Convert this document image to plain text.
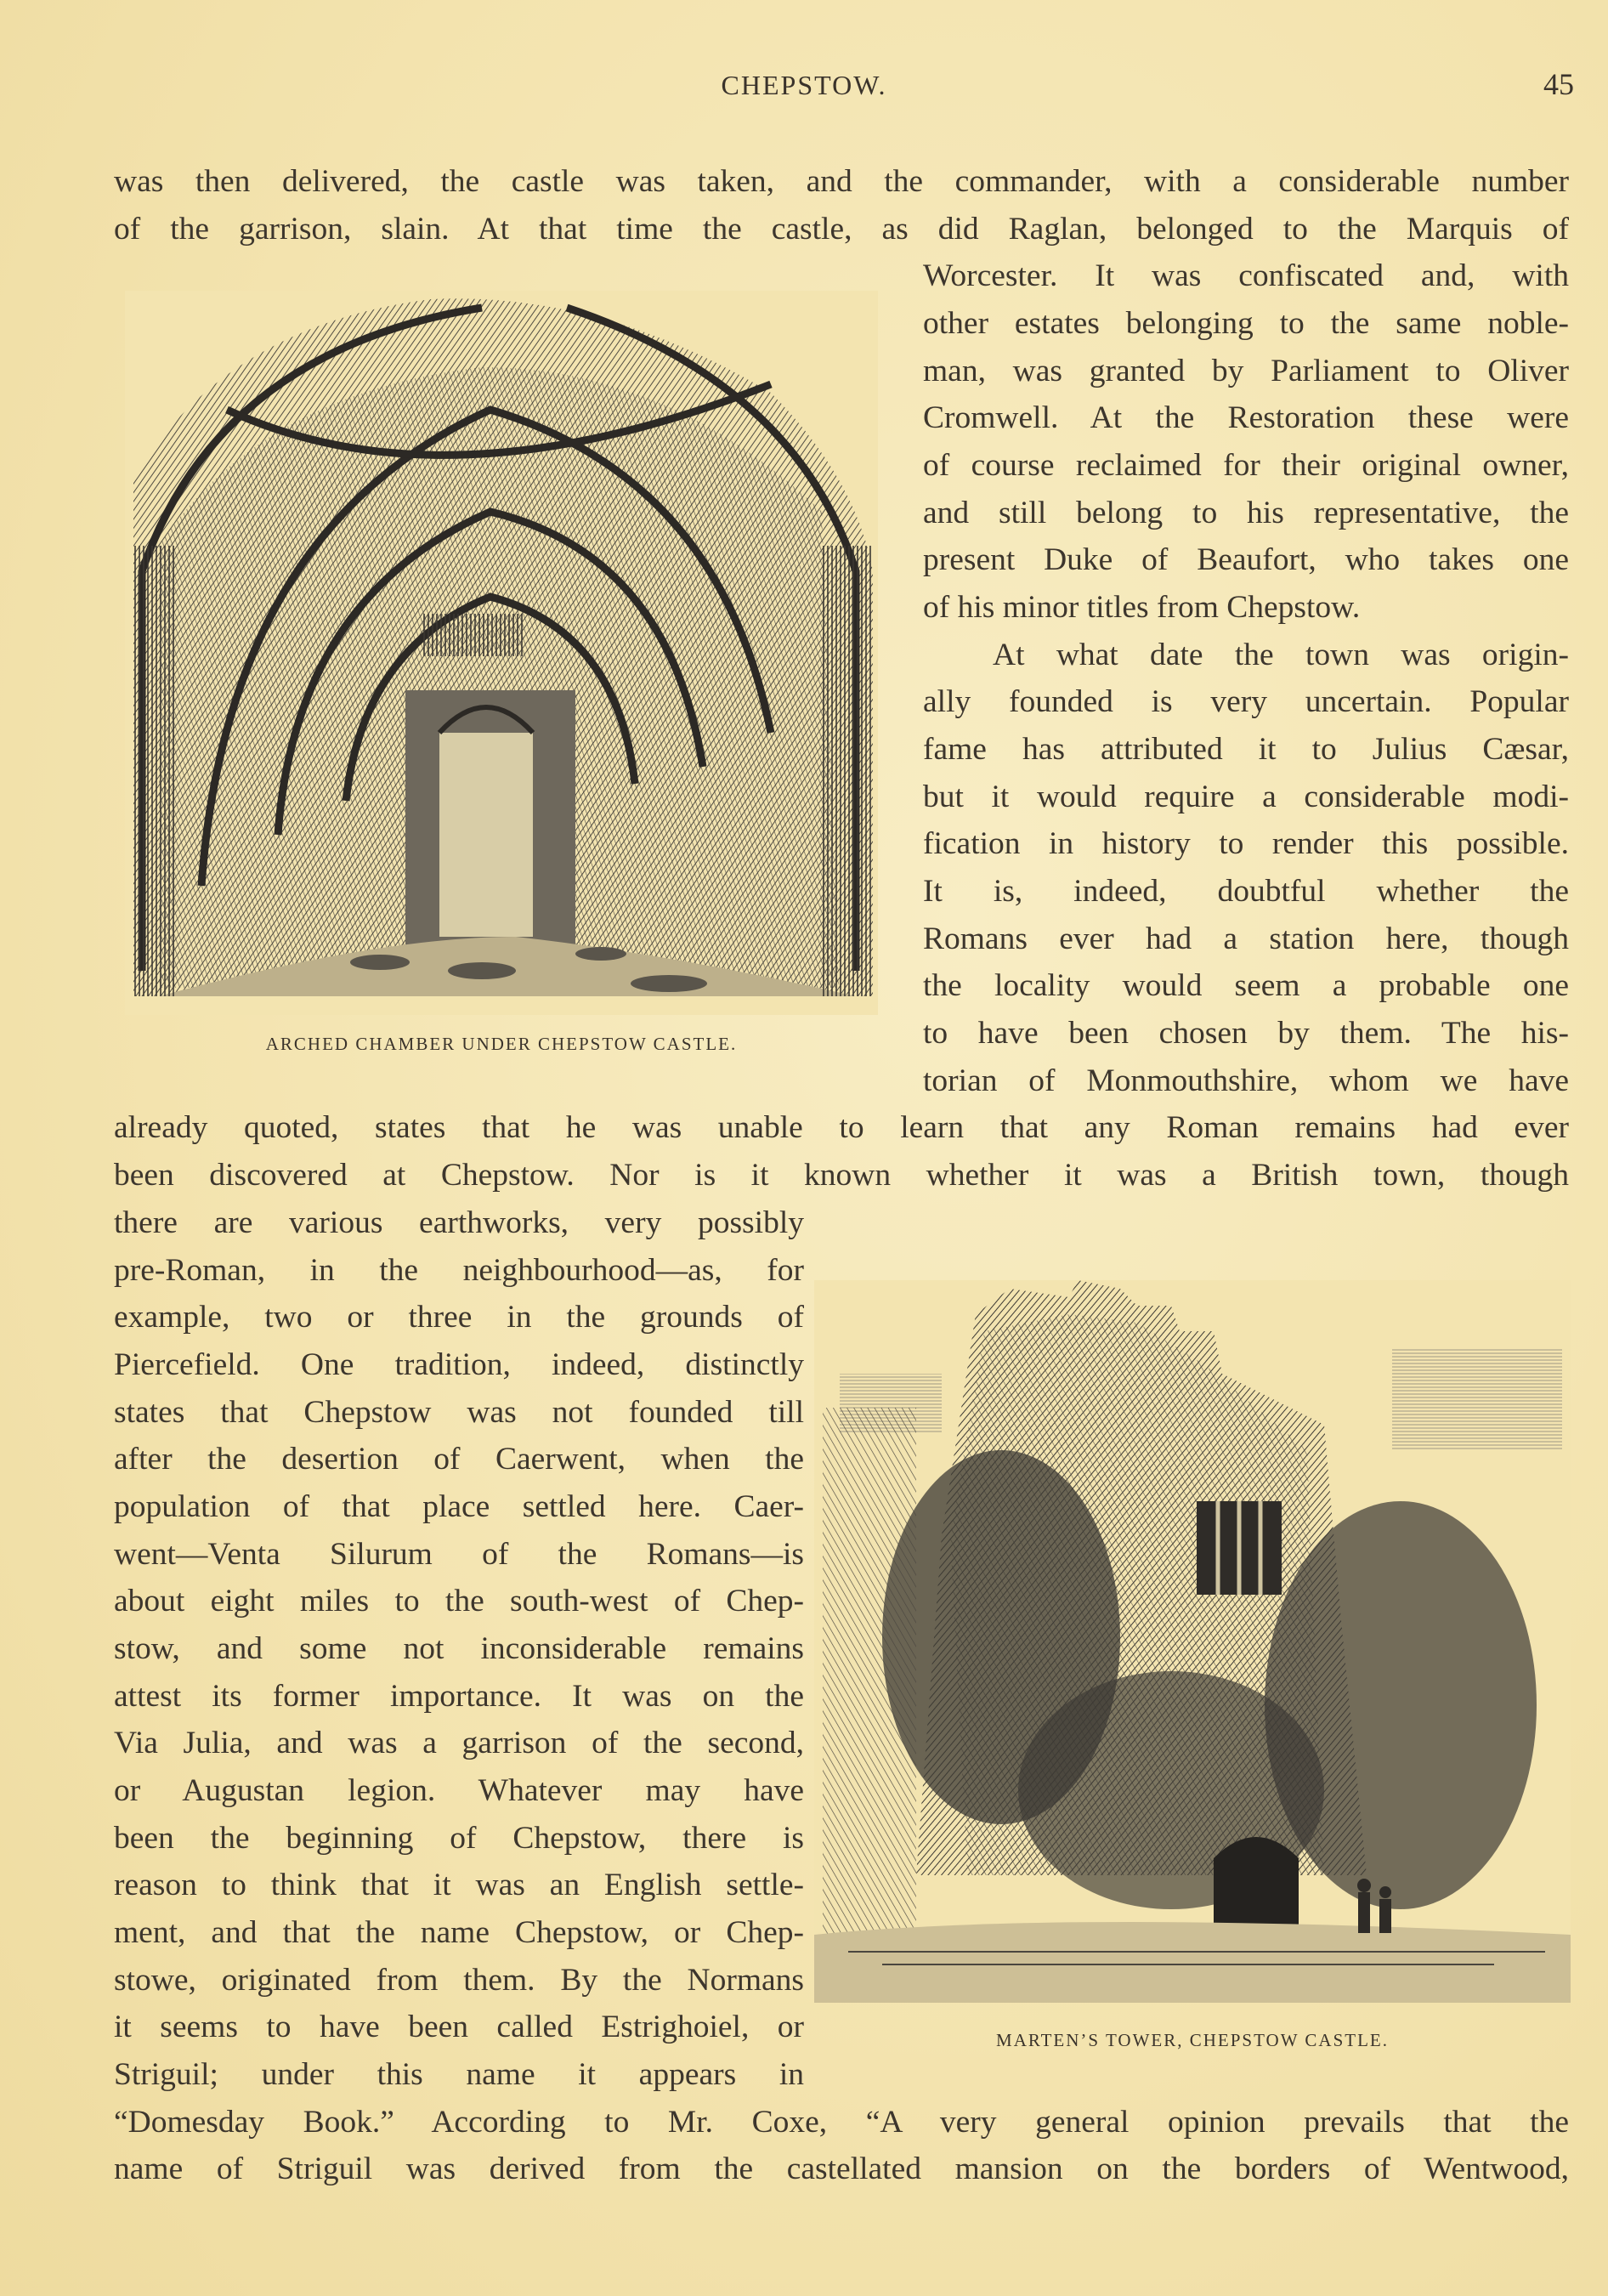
CHEPSTOW.	45
was then delivered, the castle was taken, and the commander, with a considerable number
of the garrison, slain. At that time the castle, as did Raglan, belonged to the Marquis of
Worcester. It was confiscated and, with
other estates belonging to the same noble-
man, was granted by Parliament to Oliver
Cromwell. At the Restoration these were
of course reclaimed for their original owner,
and still belong to his representative, the
present Duke of Beaufort, who takes one
of his minor titles from Chepstow.
At what date the town was origin-
ally founded is very uncertain. Popular
fame has attributed it to Julius Cæsar,
but it would require a considerable modi-
fication in history to render this possible.
It is, indeed, doubtful whether the
Romans ever had a station here, though
the locality would seem a probable one
to have been chosen by them. The his-
torian of Monmouthshire, whom we have
already quoted, states that he was unable to learn that any Roman remains had ever
been discovered at Chepstow. Nor is it known whether it was a British town, though
there are various earthworks, very possibly
pre-Roman, in the neighbourhood—as, for
example, two or three in the grounds of
Piercefield. One tradition, indeed, distinctly
states that Chepstow was not founded till
after the desertion of Caerwent, when the
population of that place settled here. Caer-
went—Venta Silurum of the Romans—is
about eight miles to the south-west of Chep-
stow, and some not inconsiderable remains
attest its former importance. It was on the
Via Julia, and was a garrison of the second,
or Augustan legion. Whatever may have
been the beginning of Chepstow, there is
reason to think that it was an English settle-
ment, and that the name Chepstow, or Chep-
stowe, originated from them. By the Normans
it seems to have been called Estrighoiel, or
Striguil; under this name it appears in
“Domesday Book.” According to Mr. Coxe, “A very general opinion prevails that the
name of Striguil was derived from the castellated mansion on the borders of Wentwood,
ARCHED CHAMBER UNDER CHEPSTOW CASTLE.
MARTEN’S TOWER, CHEPSTOW CASTLE.
